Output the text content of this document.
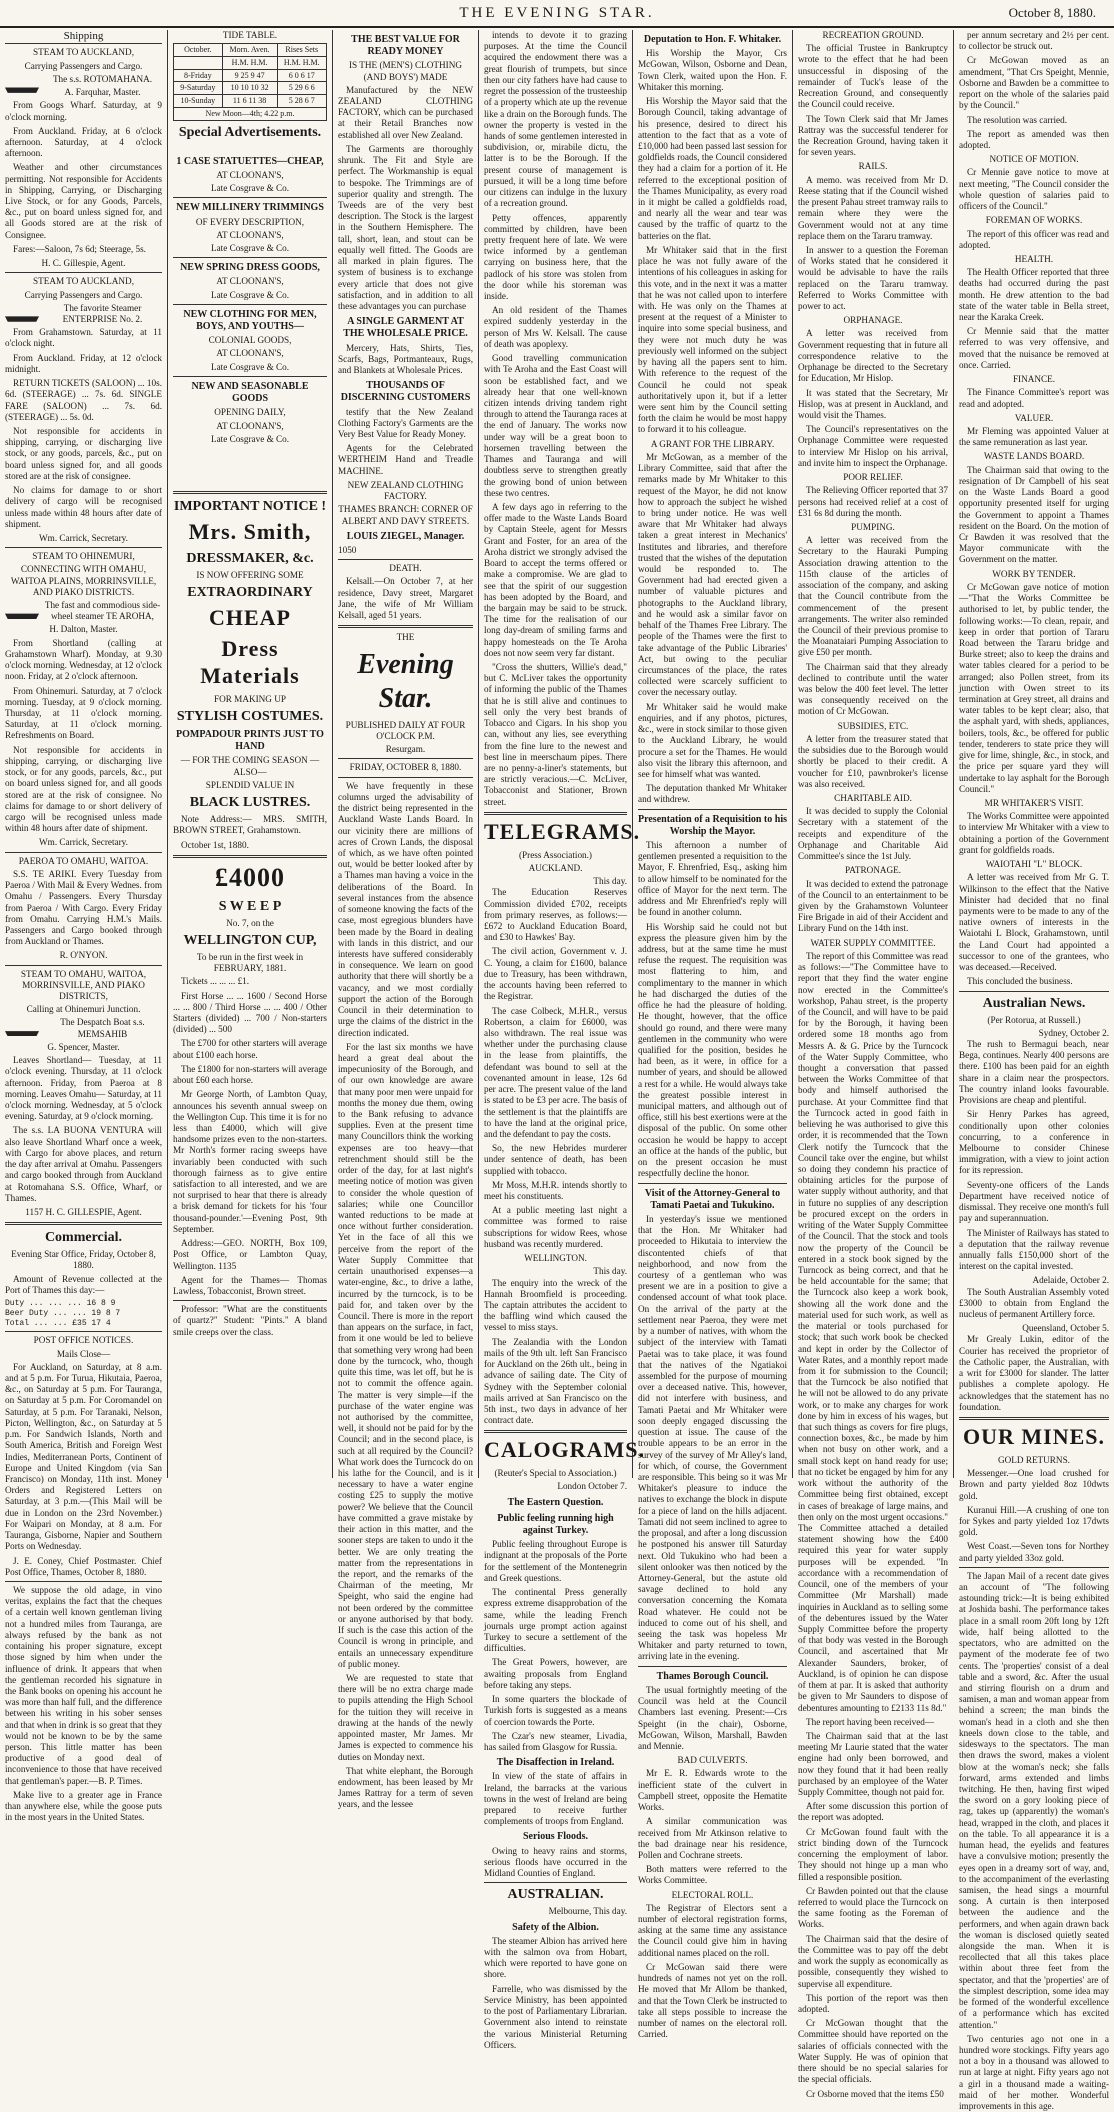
THE EVENING STAR.	October 8, 1880.
Shipping
STEAM TO AUCKLAND,
Carrying Passengers and Cargo.
The s.s. ROTOMAHANA.
A. Farquhar, Master.

From Googs Wharf. Saturday, at 9 o'clock morning.

From Auckland. Friday, at 6 o'clock afternoon. Saturday, at 4 o'clock afternoon.

Weather and other circumstances permitting. Not responsible for Accidents in Shipping, Carrying, or Discharging Live Stock, or for any Goods, Parcels, &c., put on board unless signed for, and all Goods stored are at the risk of Consignee.

Fares:—Saloon, 7s 6d; Steerage, 5s.

H. C. Gillespie, Agent.
STEAM TO AUCKLAND,
Carrying Passengers and Cargo.
The favorite Steamer ENTERPRISE No. 2.

From Grahamstown. Saturday, at 11 o'clock night.

From Auckland. Friday, at 12 o'clock midnight.

RETURN TICKETS (SALOON) ... 10s. 6d. (STEERAGE) ... 7s. 6d. SINGLE FARE (SALOON) ... 7s. 6d. (STEERAGE) ... 5s. 0d.

Not responsible for accidents in shipping, carrying, or discharging live stock, or any goods, parcels, &c., put on board unless signed for, and all goods stored are at the risk of consignee.

No claims for damage to or short delivery of cargo will be recognised unless made within 48 hours after date of shipment.

Wm. Carrick, Secretary.
STEAM TO OHINEMURI,
CONNECTING WITH OMAHU, WAITOA PLAINS, MORRINSVILLE, AND PIAKO DISTRICTS.
The fast and commodious side-wheel steamer TE AROHA,
H. Dalton, Master.

From Shortland (calling at Grahamstown Wharf). Monday, at 9.30 o'clock morning. Wednesday, at 12 o'clock noon. Friday, at 2 o'clock afternoon.

From Ohinemuri. Saturday, at 7 o'clock morning. Tuesday, at 9 o'clock morning. Thursday, at 11 o'clock morning. Saturday, at 11 o'clock morning. Refreshments on Board.

Not responsible for accidents in shipping, carrying, or discharging live stock, or for any goods, parcels, &c., put on board unless signed for, and all goods stored are at the risk of consignee. No claims for damage to or short delivery of cargo will be recognised unless made within 48 hours after date of shipment.

Wm. Carrick, Secretary.
PAEROA TO OMAHU, WAITOA.

S.S. TE ARIKI. Every Tuesday from Paeroa / With Mail & Every Wednes. from Omahu / Passengers. Every Thursday from Paeroa / With Cargo. Every Friday from Omahu. Carrying H.M.'s Mails. Passengers and Cargo booked through from Auckland or Thames.

R. O'NYON.
STEAM TO OMAHU, WAITOA, MORRINSVILLE, AND PIAKO DISTRICTS,
Calling at Ohinemuri Junction.
The Despatch Boat s.s. MEMSAHIB
G. Spencer, Master.

Leaves Shortland— Tuesday, at 11 o'clock evening. Thursday, at 11 o'clock afternoon. Friday, from Paeroa at 8 morning. Leaves Omahu— Saturday, at 11 o'clock morning. Wednesday, at 5 o'clock evening. Saturday, at 9 o'clock morning.

The s.s. LA BUONA VENTURA will also leave Shortland Wharf once a week, with Cargo for above places, and return the day after arrival at Omahu. Passengers and cargo booked through from Auckland at Rotomahana S.S. Office, Wharf, or Thames.

1157 H. C. GILLESPIE, Agent.
Commercial.
Evening Star Office, Friday, October 8, 1880.

Amount of Revenue collected at the Port of Thames this day:—

Duty ... ... ... 16 8 9
Beer Duty ... ... 19 8 7
Total ... ... £35 17 4
POST OFFICE NOTICES.
Mails Close—

For Auckland, on Saturday, at 8 a.m. and at 5 p.m. For Turua, Hikutaia, Paeroa, &c., on Saturday at 5 p.m. For Tauranga, on Saturday at 5 p.m. For Coromandel on Saturday, at 5 p.m. For Taranaki, Nelson, Picton, Wellington, &c., on Saturday at 5 p.m. For Sandwich Islands, North and South America, British and Foreign West Indies, Mediterranean Ports, Continent of Europe and United Kingdom (via San Francisco) on Monday, 11th inst. Money Orders and Registered Letters on Saturday, at 3 p.m.—(This Mail will be due in London on the 23rd November.) For Waipari on Monday, at 8 a.m. For Tauranga, Gisborne, Napier and Southern Ports on Wednesday.

J. E. Coney, Chief Postmaster. Chief Post Office, Thames, October 8, 1880.

We suppose the old adage, in vino veritas, explains the fact that the cheques of a certain well known gentleman living not a hundred miles from Tauranga, are always refused by the bank as not containing his proper signature, except those signed by him when under the influence of drink. It appears that when the gentleman recorded his signature in the Bank books on opening his account he was more than half full, and the difference between his writing in his sober senses and that when in drink is so great that they would not be known to be by the same person. This little matter has been productive of a good deal of inconvenience to those that have received that gentleman's paper.—B. P. Times.

Make live to a greater age in France than anywhere else, while the goose puts in the most years in the United States.

TIDE TABLE.
October.	Morn. Aven.	Rises Sets
	H.M. H.M.	H.M. H.M.
8-Friday	9 25 9 47	6 0 6 17
9-Saturday	10 10 10 32	5 29 6 6
10-Sunday	11 6 11 38	5 28 6 7
New Moon—4th; 4.22 p.m.		
Special Advertisements.
1 CASE STATUETTES—CHEAP,
AT CLOONAN'S,
Late Cosgrave & Co.
NEW MILLINERY TRIMMINGS
OF EVERY DESCRIPTION,
AT CLOONAN'S,
Late Cosgrave & Co.
NEW SPRING DRESS GOODS,
AT CLOONAN'S,
Late Cosgrave & Co.
NEW CLOTHING FOR MEN, BOYS, AND YOUTHS—
COLONIAL GOODS,
AT CLOONAN'S,
Late Cosgrave & Co.
NEW AND SEASONABLE GOODS
OPENING DAILY,
AT CLOONAN'S,
Late Cosgrave & Co.
IMPORTANT NOTICE !
Mrs. Smith,
DRESSMAKER, &c.
IS NOW OFFERING SOME
EXTRAORDINARY
CHEAP
Dress Materials
FOR MAKING UP
STYLISH COSTUMES.
POMPADOUR PRINTS JUST TO HAND
— FOR THE COMING SEASON — ALSO—
SPLENDID VALUE IN
BLACK LUSTRES.

Note Address:— MRS. SMITH, BROWN STREET, Grahamstown.

October 1st, 1880.

£4000
S W E E P
No. 7, on the
WELLINGTON CUP,
To be run in the first week in FEBRUARY, 1881.

Tickets ... ... ... £1.

First Horse ... ... 1600 / Second Horse ... ... 800 / Third Horse ... ... 400 / Other Starters (divided) ... 700 / Non-starters (divided) ... 500

The £700 for other starters will average about £100 each horse.

The £1800 for non-starters will average about £60 each horse.

Mr George North, of Lambton Quay, announces his seventh annual sweep on the Wellington Cup. This time it is for no less than £4000, which will give handsome prizes even to the non-starters. Mr North's former racing sweeps have invariably been conducted with such thorough fairness as to give entire satisfaction to all interested, and we are not surprised to hear that there is already a brisk demand for tickets for his 'four thousand-pounder.'—Evening Post, 9th September.

Address:—GEO. NORTH, Box 109, Post Office, or Lambton Quay, Wellington. 1135

Agent for the Thames— Thomas Lawless, Tobacconist, Brown street.

Professor: "What are the constituents of quartz?" Student: "Pints." A bland smile creeps over the class.

THE BEST VALUE FOR READY MONEY
IS THE (MEN'S) CLOTHING (AND BOYS') MADE

Manufactured by the NEW ZEALAND CLOTHING FACTORY, which can be purchased at their Retail Branches now established all over New Zealand.

The Garments are thoroughly shrunk. The Fit and Style are perfect. The Workmanship is equal to bespoke. The Trimmings are of superior quality and strength. The Tweeds are of the very best description. The Stock is the largest in the Southern Hemisphere. The tall, short, lean, and stout can be equally well fitted. The Goods are all marked in plain figures. The system of business is to exchange every article that does not give satisfaction, and in addition to all these advantages you can purchase

A SINGLE GARMENT AT THE WHOLESALE PRICE.

Mercery, Hats, Shirts, Ties, Scarfs, Bags, Portmanteaux, Rugs, and Blankets at Wholesale Prices.

THOUSANDS OF DISCERNING CUSTOMERS

testify that the New Zealand Clothing Factory's Garments are the Very Best Value for Ready Money.

Agents for the Celebrated WERTHEIM Hand and Treadle MACHINE.

NEW ZEALAND CLOTHING FACTORY.
THAMES BRANCH: CORNER OF ALBERT AND DAVY STREETS.
LOUIS ZIEGEL, Manager.
1050
DEATH.

Kelsall.—On October 7, at her residence, Davy street, Margaret Jane, the wife of Mr William Kelsall, aged 51 years.

THE
Evening Star.
PUBLISHED DAILY AT FOUR O'CLOCK P.M.
Resurgam.
FRIDAY, OCTOBER 8, 1880.

We have frequently in these columns urged the advisability of the district being represented in the Auckland Waste Lands Board. In our vicinity there are millions of acres of Crown Lands, the disposal of which, as we have often pointed out, would be better looked after by a Thames man having a voice in the deliberations of the Board. In several instances from the absence of someone knowing the facts of the case, most egregious blunders have been made by the Board in dealing with lands in this district, and our interests have suffered considerably in consequence. We learn on good authority that there will shortly be a vacancy, and we most cordially support the action of the Borough Council in their determination to urge the claims of the district in the direction indicated.

For the last six months we have heard a great deal about the impecuniosity of the Borough, and of our own knowledge are aware that many poor men were unpaid for months the money due them, owing to the Bank refusing to advance supplies. Even at the present time many Councillors think the working expenses are too heavy—that retrenchment should still be the order of the day, for at last night's meeting notice of motion was given to consider the whole question of salaries; while one Councillor wanted reductions to be made at once without further consideration. Yet in the face of all this we perceive from the report of the Water Supply Committee that certain unauthorised expenses—a water-engine, &c., to drive a lathe, incurred by the turncock, is to be paid for, and taken over by the Council. There is more in the report than appears on the surface, in fact, from it one would be led to believe that something very wrong had been done by the turncock, who, though quite this time, was let off, but he is not to commit the offence again. The matter is very simple—if the purchase of the water engine was not authorised by the committee, well, it should not be paid for by the Council; and in the second place, is such at all required by the Council? What work does the Turncock do on his lathe for the Council, and is it necessary to have a water engine costing £25 to supply the motive power? We believe that the Council have committed a grave mistake by their action in this matter, and the sooner steps are taken to undo it the better. We are only treating the matter from the representations in the report, and the remarks of the Chairman of the meeting, Mr Speight, who said the engine had not been ordered by the committee or anyone authorised by that body. If such is the case this action of the Council is wrong in principle, and entails an unnecessary expenditure of public money.

We are requested to state that there will be no extra charge made to pupils attending the High School for the tuition they will receive in drawing at the hands of the newly appointed master, Mr James. Mr James is expected to commence his duties on Monday next.

That white elephant, the Borough endowment, has been leased by Mr James Rattray for a term of seven years, and the lessee

intends to devote it to grazing purposes. At the time the Council acquired the endowment there was a great flourish of trumpets, but since then our city fathers have had cause to regret the possession of the trusteeship of a property which ate up the revenue like a drain on the Borough funds. The owner the property is vested in the hands of some gentlemen interested in subdivision, or, mirabile dictu, the latter is to be the Borough. If the present course of management is pursued, it will be a long time before our citizens can indulge in the luxury of a recreation ground.

Petty offences, apparently committed by children, have been pretty frequent here of late. We were twice informed by a gentleman carrying on business here, that the padlock of his store was stolen from the door while his storeman was inside.

An old resident of the Thames expired suddenly yesterday in the person of Mrs W. Kelsall. The cause of death was apoplexy.

Good travelling communication with Te Aroha and the East Coast will soon be established fact, and we already hear that one well-known citizen intends driving tandem right through to attend the Tauranga races at the end of January. The works now under way will be a great boon to horsemen travelling between the Thames and Tauranga and will doubtless serve to strengthen greatly the growing bond of union between these two centres.

A few days ago in referring to the offer made to the Waste Lands Board by Captain Steele, agent for Messrs Grant and Foster, for an area of the Aroha district we strongly advised the Board to accept the terms offered or make a compromise. We are glad to see that the spirit of our suggestion has been adopted by the Board, and the bargain may be said to be struck. The time for the realisation of our long day-dream of smiling farms and happy homesteads on the Te Aroha does not now seem very far distant.

"Cross the shutters, Willie's dead," but C. McLiver takes the opportunity of informing the public of the Thames that he is still alive and continues to sell only the very best brands of Tobacco and Cigars. In his shop you can, without any lies, see everything from the fine lure to the newest and best line in meerschaum pipes. There are no penny-a-liner's statements, but are strictly veracious.—C. McLiver, Tobacconist and Stationer, Brown street.

TELEGRAMS.
(Press Association.)
AUCKLAND.
This day.

The Education Reserves Commission divided £702, receipts from primary reserves, as follows:—£672 to Auckland Education Board, and £30 to Hawkes' Bay.

The civil action, Government v. J. C. Young, a claim for £1600, balance due to Treasury, has been withdrawn, the accounts having been referred to the Registrar.

The case Colbeck, M.H.R., versus Robertson, a claim for £6000, was also withdrawn. The real issue was whether under the purchasing clause in the lease from plaintiffs, the defendant was bound to sell at the covenanted amount in lease, 12s 6d per acre. The present value of the land is stated to be £3 per acre. The basis of the settlement is that the plaintiffs are to have the land at the original price, and the defendant to pay the costs.

So, the new Hebrides murderer under sentence of death, has been supplied with tobacco.

Mr Moss, M.H.R. intends shortly to meet his constituents.

At a public meeting last night a committee was formed to raise subscriptions for widow Rees, whose husband was recently murdered.

WELLINGTON.
This day.

The enquiry into the wreck of the Hannah Broomfield is proceeding. The captain attributes the accident to the baffling wind which caused the vessel to miss stays.

The Zealandia with the London mails of the 9th ult. left San Francisco for Auckland on the 26th ult., being in advance of sailing date. The City of Sydney with the September colonial mails arrived at San Francisco on the 5th inst., two days in advance of her contract date.

CALOGRAMS.
(Reuter's Special to Association.)
London October 7.
The Eastern Question.
Public feeling running high against Turkey.

Public feeling throughout Europe is indignant at the proposals of the Porte for the settlement of the Montenegrin and Greek questions.

The continental Press generally express extreme disapprobation of the same, while the leading French journals urge prompt action against Turkey to secure a settlement of the difficulties.

The Great Powers, however, are awaiting proposals from England before taking any steps.

In some quarters the blockade of Turkish forts is suggested as a means of coercion towards the Porte.

The Czar's new steamer, Livadia, has sailed from Glasgow for Russia.

The Disaffection in Ireland.

In view of the state of affairs in Ireland, the barracks at the various towns in the west of Ireland are being prepared to receive further complements of troops from England.

Serious Floods.

Owing to heavy rains and storms, serious floods have occurred in the Midland Counties of England.

AUSTRALIAN.
Melbourne, This day.
Safety of the Albion.

The steamer Albion has arrived here with the salmon ova from Hobart, which were reported to have gone on shore.

Farrelle, who was dismissed by the Service Ministry, has been appointed to the post of Parliamentary Librarian. Government also intend to reinstate the various Ministerial Returning Officers.

Deputation to Hon. F. Whitaker.

His Worship the Mayor, Crs McGowan, Wilson, Osborne and Dean, Town Clerk, waited upon the Hon. F. Whitaker this morning.

His Worship the Mayor said that the Borough Council, taking advantage of his presence, desired to direct his attention to the fact that as a vote of £10,000 had been passed last session for goldfields roads, the Council considered they had a claim for a portion of it. He referred to the exceptional position of the Thames Municipality, as every road in it might be called a goldfields road, and nearly all the wear and tear was caused by the traffic of quartz to the batteries on the flat.

Mr Whitaker said that in the first place he was not fully aware of the intentions of his colleagues in asking for this vote, and in the next it was a matter that he was not called upon to interfere with. He was only on the Thames at present at the request of a Minister to inquire into some special business, and they were not much duty he was previously well informed on the subject by having all the papers sent to him. With reference to the request of the Council he could not speak authoritatively upon it, but if a letter were sent him by the Council setting forth the claim he would be most happy to forward it to his colleague.

A GRANT FOR THE LIBRARY.

Mr McGowan, as a member of the Library Committee, said that after the remarks made by Mr Whitaker to this request of the Mayor, he did not know how to approach the subject he wished to bring under notice. He was well aware that Mr Whitaker had always taken a great interest in Mechanics' Institutes and libraries, and therefore trusted that the wishes of the deputation would be responded to. The Government had had erected given a number of valuable pictures and photographs to the Auckland library, and he would ask a similar favor on behalf of the Thames Free Library. The people of the Thames were the first to take advantage of the Public Libraries' Act, but owing to the peculiar circumstances of the place, the rates collected were scarcely sufficient to cover the necessary outlay.

Mr Whitaker said he would make enquiries, and if any photos, pictures, &c., were in stock similar to those given to the Auckland Library, he would procure a set for the Thames. He would also visit the library this afternoon, and see for himself what was wanted.

The deputation thanked Mr Whitaker and withdrew.

Presentation of a Requisition to his Worship the Mayor.

This afternoon a number of gentlemen presented a requisition to the Mayor, F. Ehrenfried, Esq., asking him to allow himself to be nominated for the office of Mayor for the next term. The address and Mr Ehrenfried's reply will be found in another column.

His Worship said he could not but express the pleasure given him by the address, but at the same time he must refuse the request. The requisition was most flattering to him, and complimentary to the manner in which he had discharged the duties of the office he had the pleasure of holding. He thought, however, that the office should go round, and there were many gentlemen in the community who were qualified for the position, besides he had been, as it were, in office for a number of years, and should be allowed a rest for a while. He would always take the greatest possible interest in municipal matters, and although out of office, still his best exertions were at the disposal of the public. On some other occasion he would be happy to accept an office at the hands of the public, but on the present occasion he must respectfully decline the honor.

Visit of the Attorney-General to Tamati Paetai and Tukukino.

In yesterday's issue we mentioned that the Hon. Mr Whitaker had proceeded to Hikutaia to interview the discontented chiefs of that neighborhood, and now from the courtesy of a gentleman who was present we are in a position to give a condensed account of what took place. On the arrival of the party at the settlement near Paeroa, they were met by a number of natives, with whom the subject of the interview with Tamati Paetai was to take place, it was found that the natives of the Ngatiakoi assembled for the purpose of mourning over a deceased native. This, however, did not interfere with business, and Tamati Paetai and Mr Whitaker were soon deeply engaged discussing the question at issue. The cause of the trouble appears to be an error in the survey of the survey of Mr Alley's land, for which, of course, the Government are responsible. This being so it was Mr Whitaker's pleasure to induce the natives to exchange the block in dispute for a piece of land on the hills adjacent. Tamati did not seem inclined to agree to the proposal, and after a long discussion he postponed his answer till Saturday next. Old Tukukino who had been a silent onlooker was then noticed by the Attorney-General, but the astute old savage declined to hold any conversation concerning the Komata Road whatever. He could not be induced to come out of his shell, and seeing the task was hopeless Mr Whitaker and party returned to town, arriving late in the evening.

Thames Borough Council.

The usual fortnightly meeting of the Council was held at the Council Chambers last evening. Present:—Crs Speight (in the chair), Osborne, McGowan, Wilson, Marshall, Bawden and Mennie.

BAD CULVERTS.

Mr E. R. Edwards wrote to the inefficient state of the culvert in Campbell street, opposite the Hematite Works.

A similar communication was received from Mr Atkinson relative to the bad drainage near his residence, Pollen and Cochrane streets.

Both matters were referred to the Works Committee.

ELECTORAL ROLL.

The Registrar of Electors sent a number of electoral registration forms, asking at the same time any assistance the Council could give him in having additional names placed on the roll.

Cr McGowan said there were hundreds of names not yet on the roll. He moved that Mr Allom be thanked, and that the Town Clerk be instructed to take all steps possible to increase the number of names on the electoral roll. Carried.

RECREATION GROUND.

The official Trustee in Bankruptcy wrote to the effect that he had been unsuccessful in disposing of the remainder of Tuck's lease of the Recreation Ground, and consequently the Council could receive.

The Town Clerk said that Mr James Rattray was the successful tenderer for the Recreation Ground, having taken it for seven years.

RAILS.

A memo. was received from Mr D. Reese stating that if the Council wished the present Pahau street tramway rails to remain where they were the Government would not at any time replace them on the Tararu tramway.

In answer to a question the Foreman of Works stated that he considered it would be advisable to have the rails replaced on the Tararu tramway. Referred to Works Committee with power to act.

ORPHANAGE.

A letter was received from Government requesting that in future all correspondence relative to the Orphanage be directed to the Secretary for Education, Mr Hislop.

It was stated that the Secretary, Mr Hislop, was at present in Auckland, and would visit the Thames.

The Council's representatives on the Orphanage Committee were requested to interview Mr Hislop on his arrival, and invite him to inspect the Orphanage.

POOR RELIEF.

The Relieving Officer reported that 37 persons had received relief at a cost of £31 6s 8d during the month.

PUMPING.

A letter was received from the Secretary to the Hauraki Pumping Association drawing attention to the 115th clause of the articles of association of the company, and asking that the Council contribute from the commencement of the present arrangements. The writer also reminded the Council of their previous promise to the Moanataiari Pumping Association to give £50 per month.

The Chairman said that they already declined to contribute until the water was below the 400 feet level. The letter was consequently received on the motion of Cr McGowan.

SUBSIDIES, ETC.

A letter from the treasurer stated that the subsidies due to the Borough would shortly be placed to their credit. A voucher for £10, pawnbroker's license was also received.

CHARITABLE AID.

It was decided to supply the Colonial Secretary with a statement of the receipts and expenditure of the Orphanage and Charitable Aid Committee's since the 1st July.

PATRONAGE.

It was decided to extend the patronage of the Council to an entertainment to be given by the Grahamstown Volunteer Fire Brigade in aid of their Accident and Library Fund on the 14th inst.

WATER SUPPLY COMMITTEE.

The report of this Committee was read as follows:—"The Committee have to report that they find the water engine now erected in the Committee's workshop, Pahau street, is the property of the Council, and will have to be paid for by the Borough, it having been ordered some 18 months ago from Messrs A. & G. Price by the Turncock of the Water Supply Committee, who thought a conversation that passed between the Works Committee of that body and himself authorised the purchase. At your Committee find that the Turncock acted in good faith in believing he was authorised to give this order, it is recommended that the Town Clerk notify the Turncock that the Council take over the engine, but whilst so doing they condemn his practice of obtaining articles for the purpose of water supply without authority, and that in future no supplies of any description be procured except on the orders in writing of the Water Supply Committee of the Council. That the stock and tools now the property of the Council be entered in a stock book signed by the Turncock as being correct, and that he be held accountable for the same; that the Turncock also keep a work book, showing all the work done and the material used for such work, as well as the material or tools purchased for stock; that such work book be checked and kept in order by the Collector of Water Rates, and a monthly report made from it for submission to the Council; that the Turncock be also notified that he will not be allowed to do any private work, or to make any charges for work done by him in excess of his wages, but that such things as covers for fire plugs, connection boxes, &c., be made by him when not busy on other work, and a small stock kept on hand ready for use; that no ticket be engaged by him for any work without the authority of the Committee being first obtained, except in cases of breakage of large mains, and then only on the most urgent occasions." The Committee attached a detailed statement showing how the £400 required this year for water supply purposes will be expended. "In accordance with a recommendation of Council, one of the members of your Committee (Mr Marshall) made inquiries in Auckland as to selling some of the debentures issued by the Water Supply Committee before the property of that body was vested in the Borough Council, and ascertained that Mr Alexander Saunders, broker, of Auckland, is of opinion he can dispose of them at par. It is asked that authority be given to Mr Saunders to dispose of debentures amounting to £2133 11s 8d."

The report having been received—

The Chairman said that at the last meeting Mr Laurie stated that the water engine had only been borrowed, and now they found that it had been really purchased by an employee of the Water Supply Committee, though not paid for.

After some discussion this portion of the report was adopted.

Cr McGowan found fault with the strict binding down of the Turncock concerning the employment of labor. They should not hinge up a man who filled a responsible position.

Cr Bawden pointed out that the clause referred to would place the Turncock on the same footing as the Foreman of Works.

The Chairman said that the desire of the Committee was to pay off the debt and work the supply as economically as possible, consequently they wished to supervise all expenditure.

This portion of the report was then adopted.

Cr McGowan thought that the Committee should have reported on the salaries of officials connected with the Water Supply. He was of opinion that there should be no special salaries for the special officials.

Cr Osborne moved that the items £50

per annum secretary and 2½ per cent. to collector be struck out.

Cr McGowan moved as an amendment, "That Crs Speight, Mennie, Osborne and Bawden be a committee to report on the whole of the salaries paid by the Council."

The resolution was carried.

The report as amended was then adopted.

NOTICE OF MOTION.

Cr Mennie gave notice to move at next meeting, "The Council consider the whole question of salaries paid to officers of the Council."

FOREMAN OF WORKS.

The report of this officer was read and adopted.

HEALTH.

The Health Officer reported that three deaths had occurred during the past month. He drew attention to the bad state of the water table in Bella street, near the Karaka Creek.

Cr Mennie said that the matter referred to was very offensive, and moved that the nuisance be removed at once. Carried.

FINANCE.

The Finance Committee's report was read and adopted.

VALUER.

Mr Fleming was appointed Valuer at the same remuneration as last year.

WASTE LANDS BOARD.

The Chairman said that owing to the resignation of Dr Campbell of his seat on the Waste Lands Board a good opportunity presented itself for urging the Government to appoint a Thames resident on the Board. On the motion of Cr Bawden it was resolved that the Mayor communicate with the Government on the matter.

WORK BY TENDER.

Cr McGowan gave notice of motion—"That the Works Committee be authorised to let, by public tender, the following works:—To clean, repair, and keep in order that portion of Tararu Road between the Tararu bridge and Burke street; also to keep the drains and water tables cleared for a period to be arranged; also Pollen street, from its junction with Owen street to its termination at Grey street, all drains and water tables to be kept clear; also, that the asphalt yard, with sheds, appliances, boilers, tools, &c., be offered for public tender, tenderers to state price they will give for lime, shingle, &c., in stock, and the price per square yard they will undertake to lay asphalt for the Borough Council."

MR WHITAKER'S VISIT.

The Works Committee were appointed to interview Mr Whitaker with a view to obtaining a portion of the Government grant for goldfields roads.

WAIOTAHI "L" BLOCK.

A letter was received from Mr G. T. Wilkinson to the effect that the Native Minister had decided that no final payments were to be made to any of the native owners of interests in the Waiotahi L Block, Grahamstown, until the Land Court had appointed a successor to one of the grantees, who was deceased.—Received.

This concluded the business.

Australian News.
(Per Rotorua, at Russell.)
Sydney, October 2.

The rush to Bermagui beach, near Bega, continues. Nearly 400 persons are there. £100 has been paid for an eighth share in a claim near the prospectors. The country inland looks favourable. Provisions are cheap and plentiful.

Sir Henry Parkes has agreed, conditionally upon other colonies concurring, to a conference in Melbourne to consider Chinese immigration, with a view to joint action for its repression.

Seventy-one officers of the Lands Department have received notice of dismissal. They receive one month's full pay and superannuation.

The Minister of Railways has stated to a deputation that the railway revenue annually falls £150,000 short of the interest on the capital invested.

Adelaide, October 2.

The South Australian Assembly voted £3000 to obtain from England the nucleus of permanent Artillery force.

Queensland, October 5.

Mr Grealy Lukin, editor of the Courier has received the proprietor of the Catholic paper, the Australian, with a writ for £3000 for slander. The latter publishes a complete apology. He acknowledges that the statement has no foundation.

OUR MINES.
GOLD RETURNS.

Messenger.—One load crushed for Brown and party yielded 8oz 10dwts gold.

Kuranui Hill.—A crushing of one ton for Sykes and party yielded 1oz 17dwts gold.

West Coast.—Seven tons for Northey and party yielded 33oz gold.

The Japan Mail of a recent date gives an account of "The following astounding trick:—It is being exhibited at Joshida bashi. The performance takes place in a small room 20ft long by 12ft wide, half being allotted to the spectators, who are admitted on the payment of the moderate fee of two cents. The 'properties' consist of a deal table and a sword, &c. After the usual and stirring flourish on a drum and samisen, a man and woman appear from behind a screen; the man binds the woman's head in a cloth and she then kneels down close to the table, and sidesways to the spectators. The man then draws the sword, makes a violent blow at the woman's neck; she falls forward, arms extended and limbs twitching. He then, having first wiped the sword on a gory looking piece of rag, takes up (apparently) the woman's head, wrapped in the cloth, and places it on the table. To all appearance it is a human head, the eyelids and features have a convulsive motion; presently the eyes open in a dreamy sort of way, and, to the accompaniment of the everlasting samisen, the head sings a mournful song. A curtain is then interposed between the audience and the performers, and when again drawn back the woman is disclosed quietly seated alongside the man. When it is recollected that all this takes place within about three feet from the spectator, and that the 'properties' are of the simplest description, some idea may be formed of the wonderful excellence of a performance which has excited attention."

Two centuries ago not one in a hundred wore stockings. Fifty years ago not a boy in a thousand was allowed to run at large at night. Fifty years ago not a girl in a thousand made a waiting-maid of her mother. Wonderful improvements in this age.
